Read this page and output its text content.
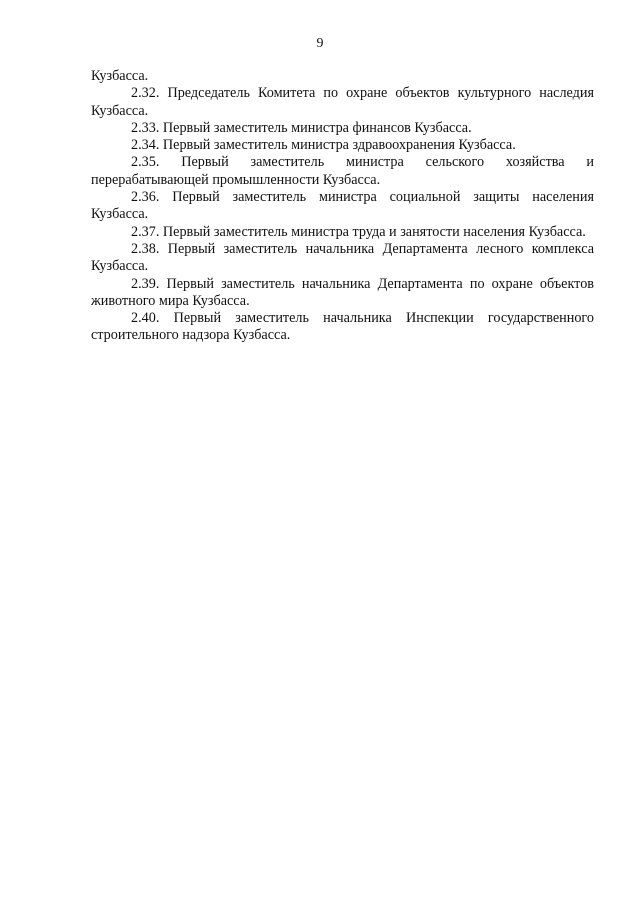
9

Кузбасса.

2.32. Председатель Комитета по охране объектов культурного наследия Кузбасса.

2.33. Первый заместитель министра финансов Кузбасса.

2.34. Первый заместитель министра здравоохранения Кузбасса.

2.35. Первый заместитель министра сельского хозяйства и перерабатывающей промышленности Кузбасса.

2.36. Первый заместитель министра социальной защиты населения Кузбасса.

2.37. Первый заместитель министра труда и занятости населения Кузбасса.

2.38. Первый заместитель начальника Департамента лесного комплекса Кузбасса.

2.39. Первый заместитель начальника Департамента по охране объектов животного мира Кузбасса.

2.40. Первый заместитель начальника Инспекции государственного строительного надзора Кузбасса.
